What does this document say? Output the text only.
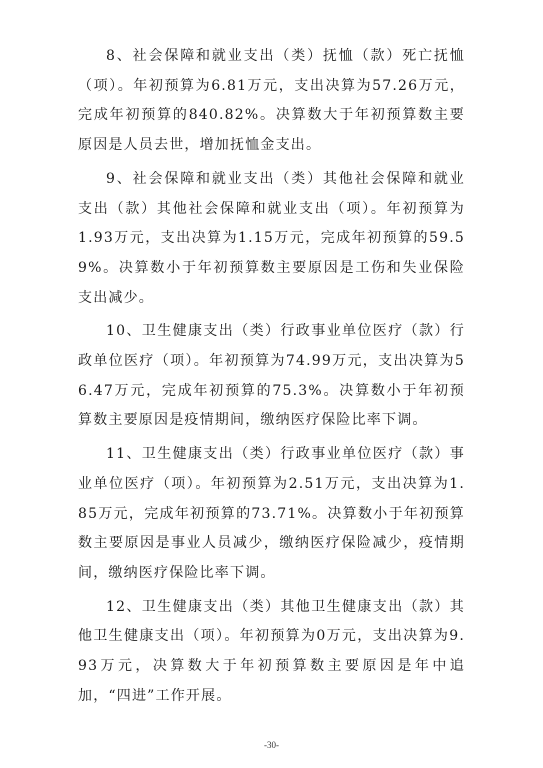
8、社会保障和就业支出（类）抚恤（款）死亡抚恤（项）。年初预算为6.81万元，支出决算为57.26万元，完成年初预算的840.82%。决算数大于年初预算数主要原因是人员去世，增加抚恤金支出。

9、社会保障和就业支出（类）其他社会保障和就业支出（款）其他社会保障和就业支出（项）。年初预算为1.93万元，支出决算为1.15万元，完成年初预算的59.59%。决算数小于年初预算数主要原因是工伤和失业保险支出减少。

10、卫生健康支出（类）行政事业单位医疗（款）行政单位医疗（项）。年初预算为74.99万元，支出决算为56.47万元，完成年初预算的75.3%。决算数小于年初预算数主要原因是疫情期间，缴纳医疗保险比率下调。

11、卫生健康支出（类）行政事业单位医疗（款）事业单位医疗（项）。年初预算为2.51万元，支出决算为1.85万元，完成年初预算的73.71%。决算数小于年初预算数主要原因是事业人员减少，缴纳医疗保险减少，疫情期间，缴纳医疗保险比率下调。

12、卫生健康支出（类）其他卫生健康支出（款）其他卫生健康支出（项）。年初预算为0万元，支出决算为9.93万元，决算数大于年初预算数主要原因是年中追加，“四进”工作开展。

-30-
